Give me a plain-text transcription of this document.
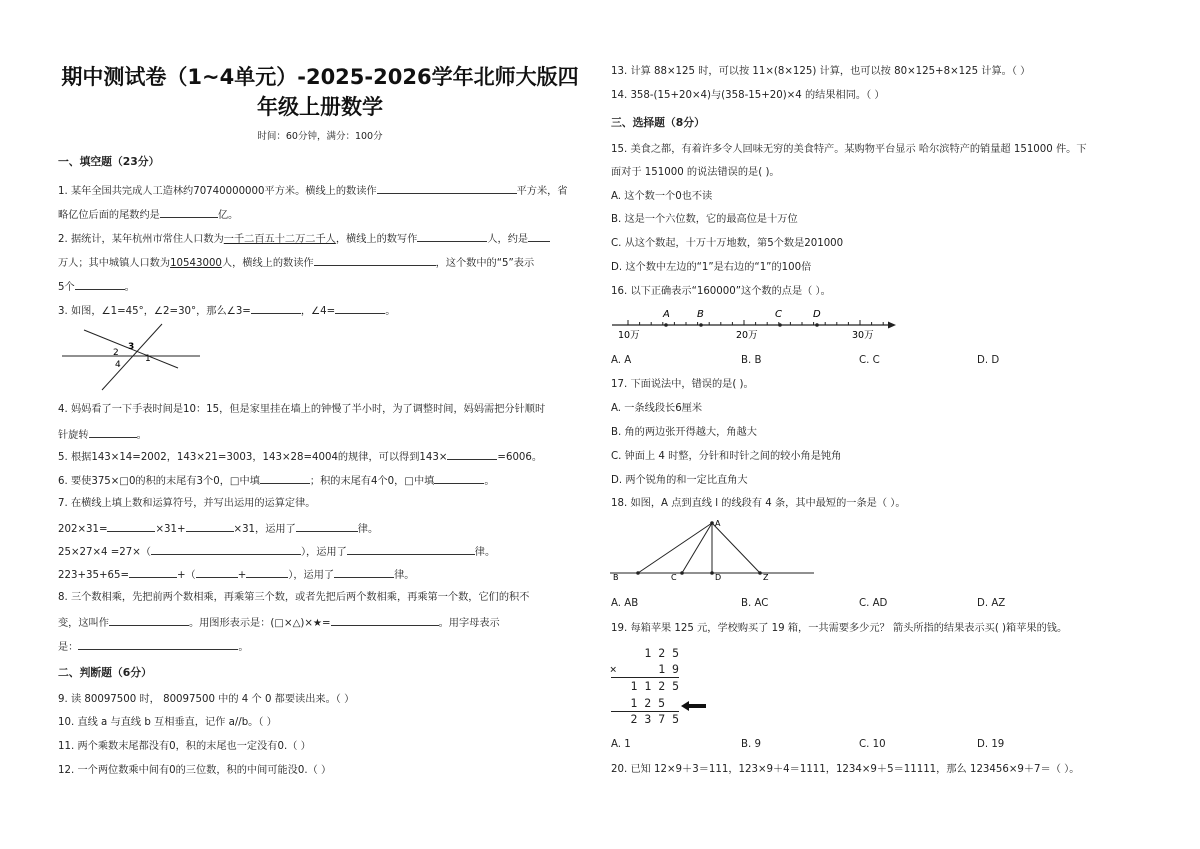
期中测试卷（1~4单元）-2025-2026学年北师大版四
年级上册数学
时间：60分钟，满分：100分
一、填空题（23分）
1. 某年全国共完成人工造林约70740000000平方米。横线上的数读作	平方米，省
略亿位后面的尾数约是	亿。
2. 据统计，某年杭州市常住人口数为一千二百五十二万二千人，横线上的数写作	人，约是
万人；其中城镇人口数为10543000人，横线上的数读作	，这个数中的“5”表示
5个	。
3. 如图，∠1=45°，∠2=30°，那么∠3=	，∠4=	。
1
2
3
4
4. 妈妈看了一下手表时间是10：15，但是家里挂在墙上的钟慢了半小时，为了调整时间，妈妈需把分针顺时
针旋转	。
5. 根据143×14=2002，143×21=3003，143×28=4004的规律，可以得到143×	=6006。
6. 要使375×□0的积的末尾有3个0，□中填	；积的末尾有4个0，□中填	。
7. 在横线上填上数和运算符号，并写出运用的运算定律。
202×31=	×31+	×31，运用了	律。
25×27×4 =27×（	），运用了	律。
223+35+65=	+（	+	），运用了	律。
8. 三个数相乘，先把前两个数相乘，再乘第三个数，或者先把后两个数相乘，再乘第一个数，它们的积不
变，这叫作	。用图形表示是：(□×△)×★=	。用字母表示
是：	。
二、判断题（6分）
9. 读 80097500 时， 80097500 中的 4 个 0 都要读出来。（ ）
10. 直线 a 与直线 b 互相垂直，记作 a//b。（ ）
11. 两个乘数末尾都没有0，积的末尾也一定没有0.（ ）
12. 一个两位数乘中间有0的三位数，积的中间可能没0.（ ）
13. 计算 88×125 时，可以按 11×(8×125) 计算，也可以按 80×125+8×125 计算。（ ）
14. 358-(15+20×4)与(358-15+20)×4 的结果相同。（ ）
三、选择题（8分）
15. 美食之都，有着许多令人回味无穷的美食特产。某购物平台显示 哈尔滨特产的销量超 151000 件。下
面对于 151000 的说法错误的是( )。
A. 这个数一个0也不读
B. 这是一个六位数，它的最高位是十万位
C. 从这个数起，十万十万地数，第5个数是201000
D. 这个数中左边的“1”是右边的“1”的100倍
16. 以下正确表示“160000”这个数的点是（ ）。
10万	20万	30万
A	B	C	D
A. A	B. B	C. C	D. D
17. 下面说法中，错误的是( )。
A. 一条线段长6厘米
B. 角的两边张开得越大，角越大
C. 钟面上 4 时整，分针和时针之间的较小角是钝角
D. 两个锐角的和一定比直角大
18. 如图，A 点到直线 l 的线段有 4 条，其中最短的一条是（ ）。
A
B	C	D	Z
A. AB	B. AC	C. AD	D. AZ
19. 每箱苹果 125 元，学校购买了 19 箱，一共需要多少元？ 箭头所指的结果表示买( )箱苹果的钱。
1 2 5
×      1 9
1 1 2 5
1 2 5
2 3 7 5
A. 1	B. 9	C. 10	D. 19
20. 已知 12×9＋3＝111，123×9＋4＝1111，1234×9＋5＝11111，那么 123456×9＋7＝（ ）。
